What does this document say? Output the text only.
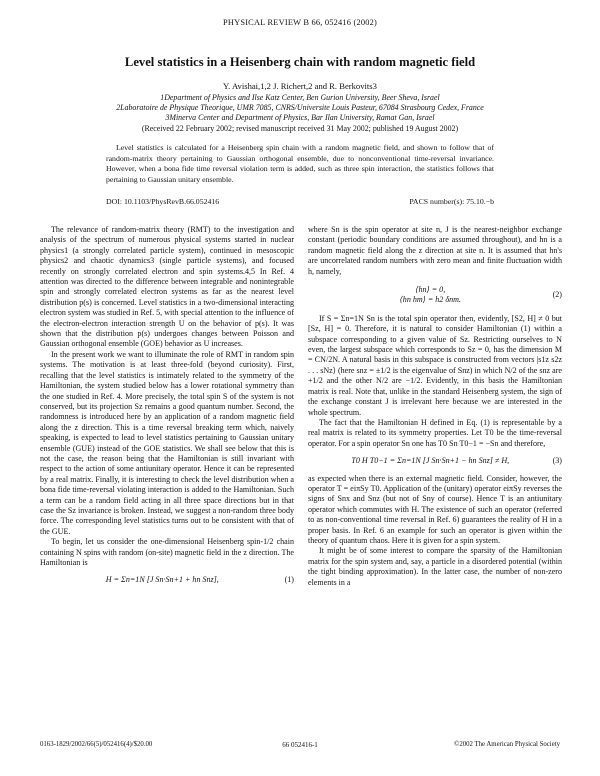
PHYSICAL REVIEW B 66, 052416 (2002)
Level statistics in a Heisenberg chain with random magnetic field
Y. Avishai,1,2 J. Richert,2 and R. Berkovits3
1Department of Physics and Ilse Katz Center, Ben Gurion University, Beer Sheva, Israel
2Laboratoire de Physique Theorique, UMR 7085, CNRS/Universite Louis Pasteur, 67084 Strasbourg Cedex, France
3Minerva Center and Department of Physics, Bar Ilan University, Ramat Gan, Israel
(Received 22 February 2002; revised manuscript received 31 May 2002; published 19 August 2002)
Level statistics is calculated for a Heisenberg spin chain with a random magnetic field, and shown to follow that of random-matrix theory pertaining to Gaussian orthogonal ensemble, due to nonconventional time-reversal invariance. However, when a bona fide time reversal violation term is added, such as three spin interaction, the statistics follows that pertaining to Gaussian unitary ensemble.
DOI: 10.1103/PhysRevB.66.052416	PACS number(s): 75.10.−b

The relevance of random-matrix theory (RMT) to the investigation and analysis of the spectrum of numerous physical systems started in nuclear physics1 (a strongly correlated particle system), continued in mesoscopic physics2 and chaotic dynamics3 (single particle systems), and focused recently on strongly correlated electron and spin systems.4,5 In Ref. 4 attention was directed to the difference between integrable and nonintegrable spin and strongly correlated electron systems as far as the nearest level distribution p(s) is concerned. Level statistics in a two-dimensional interacting electron system was studied in Ref. 5, with special attention to the influence of the electron-electron interaction strength U on the behavior of p(s). It was shown that the distribution p(s) undergoes changes between Poisson and Gaussian orthogonal ensemble (GOE) behavior as U increases.

In the present work we want to illuminate the role of RMT in random spin systems. The motivation is at least three-fold (beyond curiosity). First, recalling that the level statistics is intimately related to the symmetry of the Hamiltonian, the system studied below has a lower rotational symmetry than the one studied in Ref. 4. More precisely, the total spin S of the system is not conserved, but its projection Sz remains a good quantum number. Second, the randomness is introduced here by an application of a random magnetic field along the z direction. This is a time reversal breaking term which, naively speaking, is expected to lead to level statistics pertaining to Gaussian unitary ensemble (GUE) instead of the GOE statistics. We shall see below that this is not the case, the reason being that the Hamiltonian is still invariant with respect to the action of some antiunitary operator. Hence it can be represented by a real matrix. Finally, it is interesting to check the level distribution when a bona fide time-reversal violating interaction is added to the Hamiltonian. Such a term can be a random field acting in all three space directions but in that case the Sz invariance is broken. Instead, we suggest a non-random three body force. The corresponding level statistics turns out to be consistent with that of the GUE.

To begin, let us consider the one-dimensional Heisenberg spin-1/2 chain containing N spins with random (on-site) magnetic field in the z direction. The Hamiltonian is

H = Σn=1N [J Sn·Sn+1 + hn Snz],	(1)

where Sn is the spin operator at site n, J is the nearest-neighbor exchange constant (periodic boundary conditions are assumed throughout), and hn is a random magnetic field along the z direction at site n. It is assumed that hn's are uncorrelated random numbers with zero mean and finite fluctuation width h, namely,

⟨hn⟩ = 0,
⟨hn hm⟩ = h2 δnm.
(2)

If S = Σn=1N Sn is the total spin operator then, evidently, [S2, H] ≠ 0 but [Sz, H] = 0. Therefore, it is natural to consider Hamiltonian (1) within a subspace corresponding to a given value of Sz. Restricting ourselves to N even, the largest subspace which corresponds to Sz = 0, has the dimension M = CN/2N. A natural basis in this subspace is constructed from vectors |s1z s2z . . . sNz⟩ (here snz = ±1/2 is the eigenvalue of Snz) in which N/2 of the snz are +1/2 and the other N/2 are −1/2. Evidently, in this basis the Hamiltonian matrix is real. Note that, unlike in the standard Heisenberg system, the sign of the exchange constant J is irrelevant here because we are interested in the whole spectrum.

The fact that the Hamiltonian H defined in Eq. (1) is representable by a real matrix is related to its symmetry properties. Let T0 be the time-reversal operator. For a spin operator Sn one has T0 Sn T0−1 = −Sn and therefore,

T0 H T0−1 = Σn=1N [J Sn·Sn+1 − hn Snz] ≠ H,	(3)

as expected when there is an external magnetic field. Consider, however, the operator T = eiπSy T0. Application of the (unitary) operator eiπSy reverses the signs of Snx and Snz (but not of Sny of course). Hence T is an antiunitary operator which commutes with H. The existence of such an operator (referred to as non-conventional time reversal in Ref. 6) guarantees the reality of H in a proper basis. In Ref. 6 an example for such an operator is given within the theory of quantum chaos. Here it is given for a spin system.

It might be of some interest to compare the sparsity of the Hamiltonian matrix for the spin system and, say, a particle in a disordered potential (within the tight binding approximation). In the latter case, the number of non-zero elements in a

0163-1829/2002/66(5)/052416(4)/$20.00	66 052416-1	©2002 The American Physical Society
